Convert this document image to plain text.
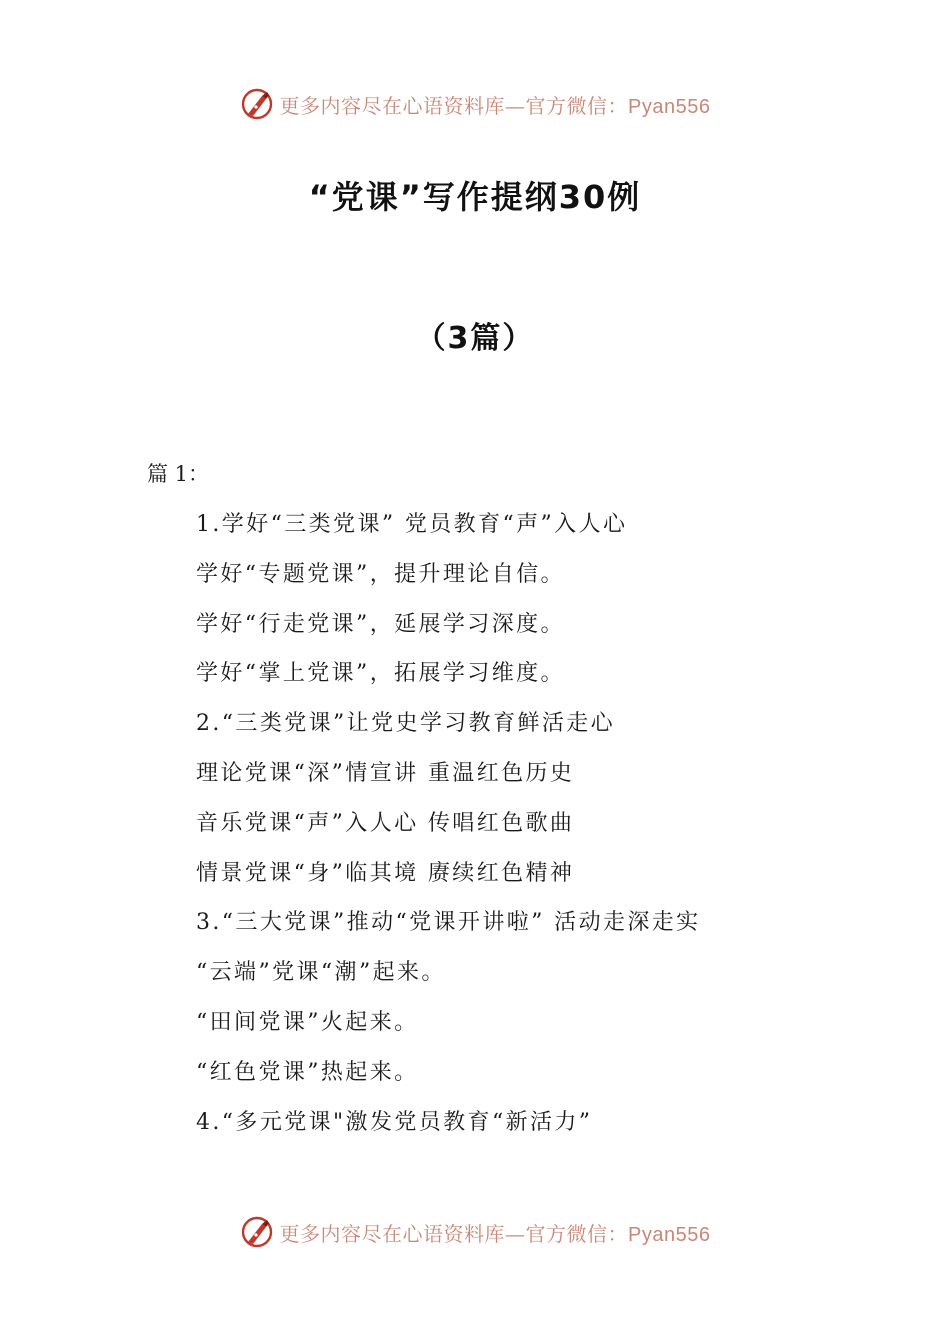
更多内容尽在心语资料库—官方微信：Pyan556
“党课”写作提纲30例
（3篇）
篇 1：
1.学好“三类党课” 党员教育“声”入人心
学好“专题党课”，提升理论自信。
学好“行走党课”，延展学习深度。
学好“掌上党课”，拓展学习维度。
2.“三类党课”让党史学习教育鲜活走心
理论党课“深”情宣讲 重温红色历史
音乐党课“声”入人心 传唱红色歌曲
情景党课“身”临其境 赓续红色精神
3.“三大党课”推动“党课开讲啦” 活动走深走实
“云端”党课“潮”起来。
“田间党课”火起来。
“红色党课”热起来。
4.“多元党课"激发党员教育“新活力”
更多内容尽在心语资料库—官方微信：Pyan556
